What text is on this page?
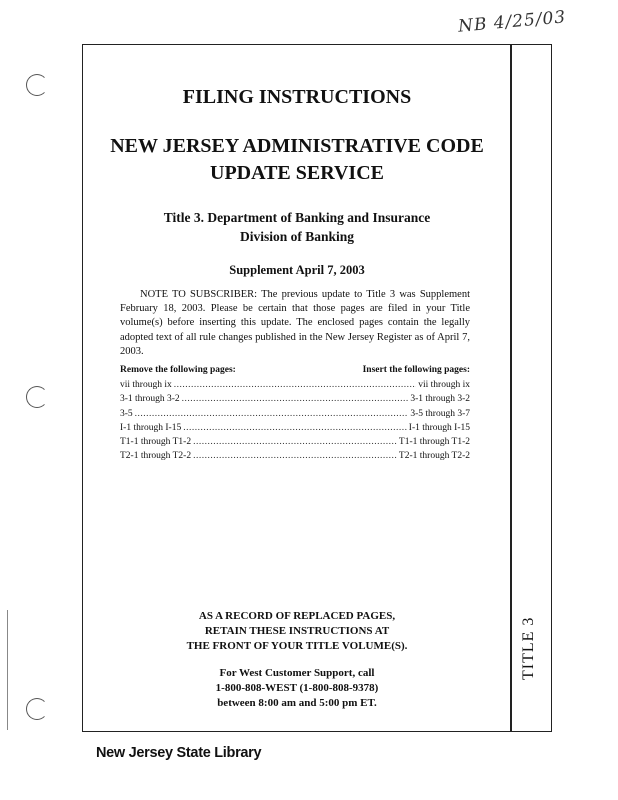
TITLE 3
NB 4/25/03
FILING INSTRUCTIONS
NEW JERSEY ADMINISTRATIVE CODE
UPDATE SERVICE
Title 3. Department of Banking and Insurance
Division of Banking
Supplement April 7, 2003
NOTE TO SUBSCRIBER: The previous update to Title 3 was Supplement February 18, 2003. Please be certain that those pages are filed in your Title volume(s) before inserting this update. The enclosed pages contain the legally adopted text of all rule changes published in the New Jersey Register as of April 7, 2003.
Remove the following pages:	Insert the following pages:
vii through ix .....	vii through ix
3-1 through 3-2 .....	3-1 through 3-2
3-5 .....	3-5 through 3-7
I-1 through I-15 .....	I-1 through I-15
T1-1 through T1-2 .....	T1-1 through T1-2
T2-1 through T2-2 .....	T2-1 through T2-2
AS A RECORD OF REPLACED PAGES,
RETAIN THESE INSTRUCTIONS AT
THE FRONT OF YOUR TITLE VOLUME(S).
For West Customer Support, call
1-800-808-WEST (1-800-808-9378)
between 8:00 am and 5:00 pm ET.
New Jersey State Library
